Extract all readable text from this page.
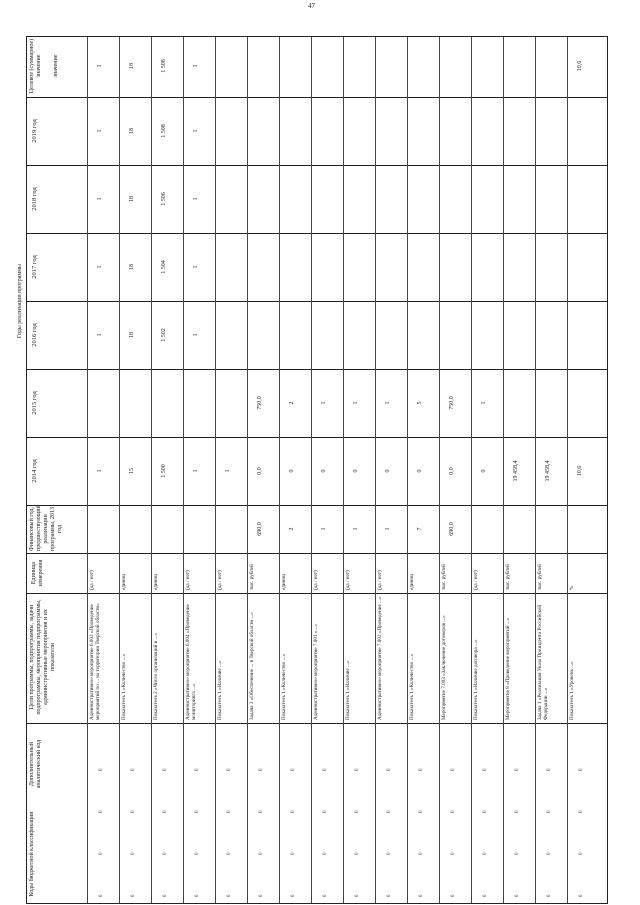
47
Коды бюджетной классификации
Дополнительный аналитический код
Цели программы, подпрограммы, задачи подпрограммы, мероприятия подпрограммы, административные мероприятия и их показатели
Единица измерения
Финансовый год, предшествующий реализации программы, 2013 год
Годы реализации программы
2014 год
2015 год
2016 год
2017 год
2018 год
2019 год
Целевое (суммарное) значение значение
Административное мероприятие 6.003 «Проведение мероприятий по ... на территории Тверской области»
(да / нет)
1
1
1
1
1
1
0
0
0
0
Показатель 1 «Количество ...»
единиц
15
18
18
18
18
18
0
0
0
0
Показатель 2 «Число организаций в ...»
единиц
1 500
1 502
1 504
1 506
1 508
1 508
0
0
0
0
Административное мероприятие 6.004 «Проведение мониторинга ...»
(да / нет)
1
1
1
1
1
1
0
0
0
0
Показатель 1 «Наличие ...»
(да / нет)
1
0
0
0
0
Задача 3 «Обеспечение ... в Тверской области ...»
тыс. рублей
690,0
0,0
750,0
0
0
0
0
Показатель 1 «Количество ...»
единиц
2
0
2
0
0
0
0
Административное мероприятие 7.001 «...»
(да / нет)
1
0
1
0
0
0
0
Показатель 1 «Наличие ...»
(да / нет)
1
0
1
0
0
0
0
Административное мероприятие 7.002 «Проведение ...»
(да / нет)
1
0
1
0
0
0
0
Показатель 1 «Количество ...»
единиц
7
0
5
0
0
0
0
Мероприятие 7.003 «Заключение договоров ...»
тыс. рублей
690,0
0,0
750,0
0
0
0
0
Показатель 1 «Наличие договора ...»
(да / нет)
0
1
0
0
0
0
Мероприятие 8 «Проведение мероприятий ...»
тыс. рублей
19 458,4
0
0
0
0
Задача 1 «Реализация Указа Президента Российской Федерации ...»
тыс. рублей
19 458,4
0
0
0
0
Показатель 1 «Уровень ...»
%
10,6
10,6
0
0
0
0
